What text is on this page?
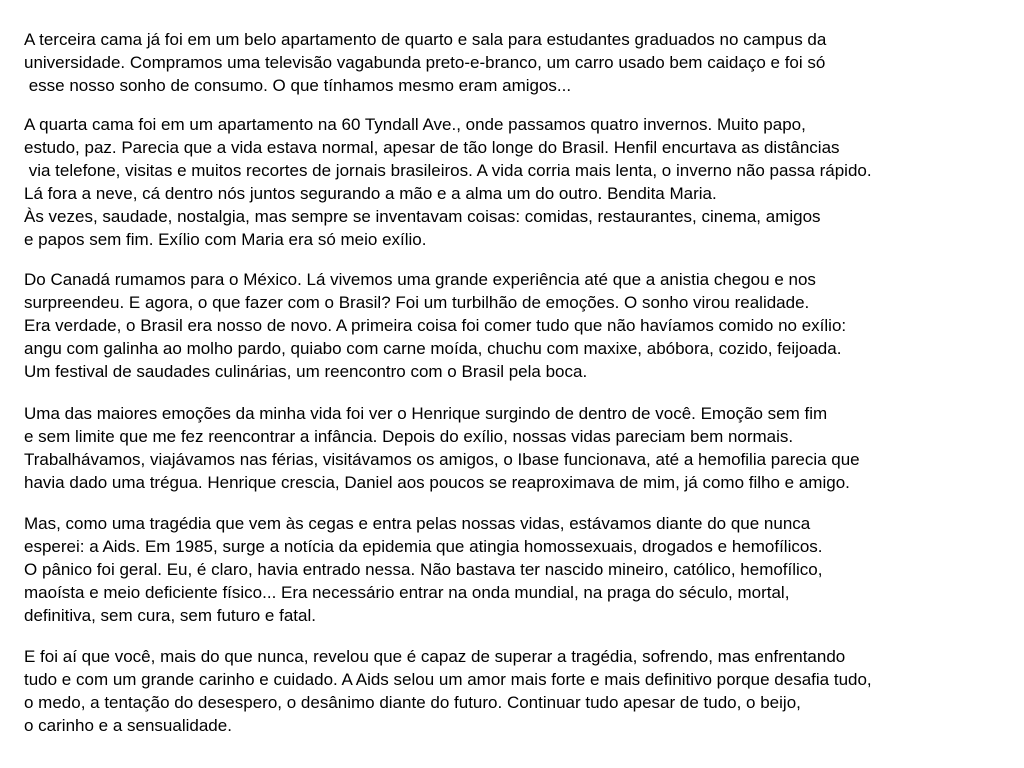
A terceira cama já foi em um belo apartamento de quarto e sala para estudantes graduados no campus da
universidade. Compramos uma televisão vagabunda preto-e-branco, um carro usado bem caidaço e foi só
esse nosso sonho de consumo. O que tínhamos mesmo eram amigos...
A quarta cama foi em um apartamento na 60 Tyndall Ave., onde passamos quatro invernos. Muito papo,
estudo, paz. Parecia que a vida estava normal, apesar de tão longe do Brasil. Henfil encurtava as distâncias
via telefone, visitas e muitos recortes de jornais brasileiros. A vida corria mais lenta, o inverno não passa rápido.
Lá fora a neve, cá dentro nós juntos segurando a mão e a alma um do outro. Bendita Maria.
Às vezes, saudade, nostalgia, mas sempre se inventavam coisas: comidas, restaurantes, cinema, amigos
e papos sem fim. Exílio com Maria era só meio exílio.
Do Canadá rumamos para o México. Lá vivemos uma grande experiência até que a anistia chegou e nos
surpreendeu. E agora, o que fazer com o Brasil? Foi um turbilhão de emoções. O sonho virou realidade.
Era verdade, o Brasil era nosso de novo. A primeira coisa foi comer tudo que não havíamos comido no exílio:
angu com galinha ao molho pardo, quiabo com carne moída, chuchu com maxixe, abóbora, cozido, feijoada.
Um festival de saudades culinárias, um reencontro com o Brasil pela boca.
Uma das maiores emoções da minha vida foi ver o Henrique surgindo de dentro de você. Emoção sem fim
e sem limite que me fez reencontrar a infância. Depois do exílio, nossas vidas pareciam bem normais.
Trabalhávamos, viajávamos nas férias, visitávamos os amigos, o Ibase funcionava, até a hemofilia parecia que
havia dado uma trégua. Henrique crescia, Daniel aos poucos se reaproximava de mim, já como filho e amigo.
Mas, como uma tragédia que vem às cegas e entra pelas nossas vidas, estávamos diante do que nunca
esperei: a Aids. Em 1985, surge a notícia da epidemia que atingia homossexuais, drogados e hemofílicos.
O pânico foi geral. Eu, é claro, havia entrado nessa. Não bastava ter nascido mineiro, católico, hemofílico,
maoísta e meio deficiente físico... Era necessário entrar na onda mundial, na praga do século, mortal,
definitiva, sem cura, sem futuro e fatal.
E foi aí que você, mais do que nunca, revelou que é capaz de superar a tragédia, sofrendo, mas enfrentando
tudo e com um grande carinho e cuidado. A Aids selou um amor mais forte e mais definitivo porque desafia tudo,
o medo, a tentação do desespero, o desânimo diante do futuro. Continuar tudo apesar de tudo, o beijo,
o carinho e a sensualidade.
